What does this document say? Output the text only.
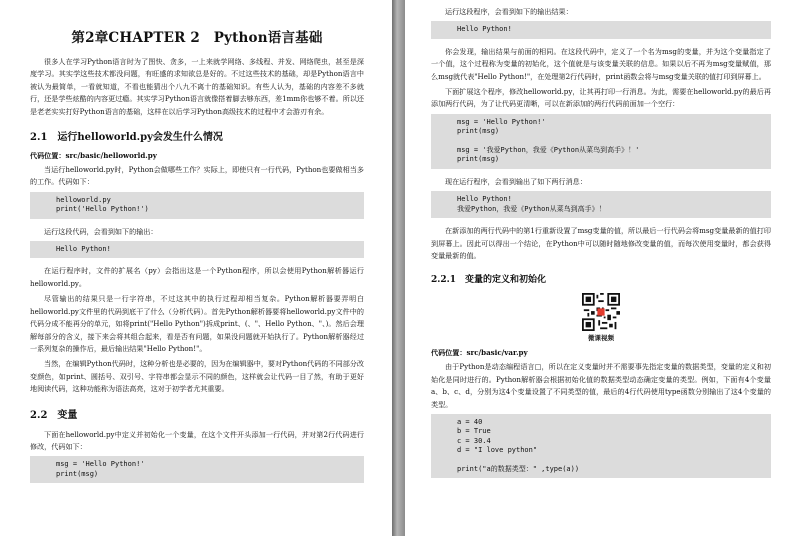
第2章CHAPTER 2　Python语言基础

很多人在学习Python语言时为了图快、贪多，一上来就学网络、多线程、并发、网络爬虫，甚至是深度学习。其实学这些技术都没问题，有旺盛的求知欲总是好的。不过这些技术的基础，却是Python语言中被认为最简单，一看就知道，不看也能猜出个八九不离十的基础知识。有些人认为，基础的内容差不多就行，还是学些炫酷的内容更过瘾。其实学习Python语言就像搭着脚去够东西，差1mm你也够不着。所以还是老老实实打好Python语言的基础，这样在以后学习Python高级技术的过程中才会游刃有余。

2.1　运行helloworld.py会发生什么情况
代码位置：src/basic/helloworld.py

当运行helloworld.py时，Python会做哪些工作？实际上，即使只有一行代码，Python也要做相当多的工作。代码如下：

helloworld.py
print('Hello Python!')

运行这段代码，会看到如下的输出：

Hello Python!

在运行程序时，文件的扩展名（py）会指出这是一个Python程序，所以会使用Python解析器运行helloworld.py。

尽管输出的结果只是一行字符串，不过这其中的执行过程却相当复杂。Python解析器要弄明白helloworld.py文件里的代码到底干了什么（分析代码）。首先Python解析器要将helloworld.py文件中的代码分成不能再分的单元，如将print("Hello Python")拆成print、(、"、Hello Python、"、)。然后会理解每部分的含义，接下来会将其组合起来，看是否有问题，如果没问题就开始执行了。Python解析器经过一系列复杂的操作后，最后输出结果"Hello Python!"。

当然，在编辑Python代码时，这种分析也是必要的，因为在编辑器中，要对Python代码的不同部分改变颜色，如print、圆括号、双引号、字符串都会显示不同的颜色，这样就会让代码一目了然，有助于更好地阅读代码，这种功能称为语法高亮，这对于初学者尤其重要。

2.2　变量

下面在helloworld.py中定义并初始化一个变量，在这个文件开头添加一行代码，并对第2行代码进行修改，代码如下：

msg = 'Hello Python!'
print(msg)

运行这段程序，会看到如下的输出结果：

Hello Python!

你会发现，输出结果与前面的相同。在这段代码中，定义了一个名为msg的变量，并为这个变量指定了一个值，这个过程称为变量的初始化，这个值就是与该变量关联的信息。如果以后不再为msg变量赋值，那么msg就代表"Hello Python!"，在处理第2行代码时，print函数会将与msg变量关联的值打印到屏幕上。

下面扩展这个程序，修改helloworld.py，让其再打印一行消息。为此，需要在helloworld.py的最后再添加两行代码，为了让代码更清晰，可以在新添加的两行代码前面加一个空行：

msg = 'Hello Python!'
print(msg)

msg = '我爱Python，我爱《Python从菜鸟到高手》！'
print(msg)

现在运行程序，会看到输出了如下两行消息：

Hello Python!
我爱Python，我爱《Python从菜鸟到高手》！

在新添加的两行代码中的第1行重新设置了msg变量的值，所以最后一行代码会将msg变量最新的值打印到屏幕上。因此可以得出一个结论，在Python中可以随时随地修改变量的值，而每次使用变量时，都会获得变量最新的值。

2.2.1　变量的定义和初始化
微课视频
代码位置：src/basic/var.py

由于Python是动态编程语言□，所以在定义变量时并不需要事先指定变量的数据类型，变量的定义和初始化是同时进行的。Python解析器会根据初始化值的数据类型动态确定变量的类型。例如，下面有4个变量a、b、c、d，分别为这4个变量设置了不同类型的值，最后的4行代码使用type函数分别输出了这4个变量的类型。

a = 40
b = True
c = 30.4
d = "I love python"

print("a的数据类型：" ,type(a))
